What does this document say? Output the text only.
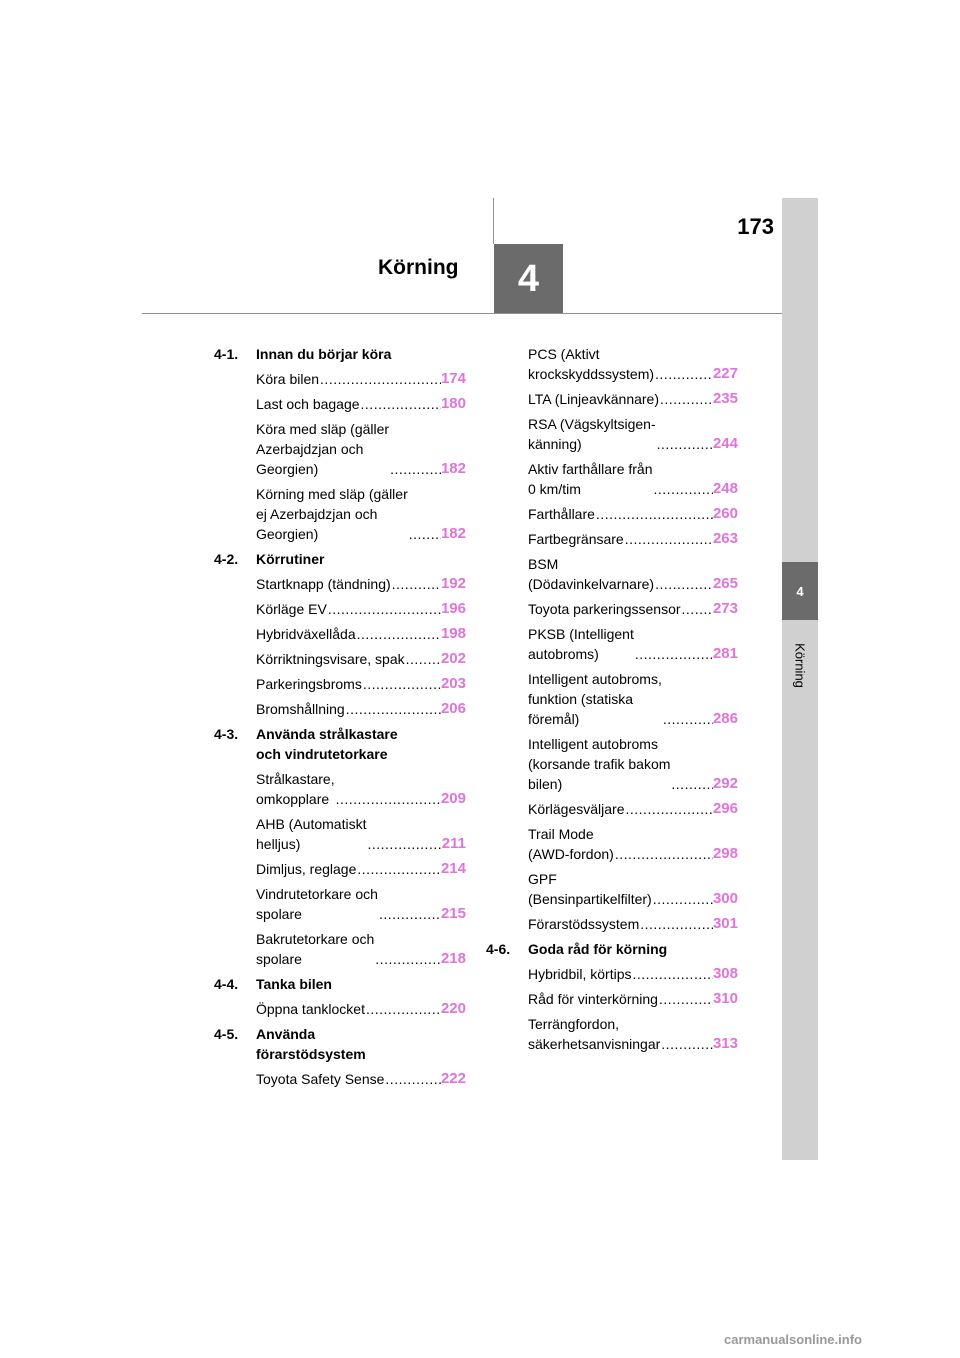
173
Körning 4
4
Körning
4-1.	Innan du börjar köra
Köra bilen .....	174
Last och bagage .....	180
Köra med släp (gäller
Azerbajdzjan och
Georgien) .....	182
Körning med släp (gäller
ej Azerbajdzjan och
Georgien) .....	182
4-2.	Körrutiner
Startknapp (tändning) .....	192
Körläge EV .....	196
Hybridväxellåda .....	198
Körriktningsvisare, spak ..... 202
Parkeringsbroms .....	203
Bromshållning .....	206
4-3.	Använda strålkastare
och vindrutetorkare
Strålkastare,
omkopplare .....	209
AHB (Automatiskt
helljus) .....	211
Dimljus, reglage .....	214
Vindrutetorkare och
spolare .....	215
Bakrutetorkare och
spolare .....	218
4-4.	Tanka bilen
Öppna tanklocket .....	220
4-5.	Använda
förarstödsystem
Toyota Safety Sense .....	222
PCS (Aktivt
krockskyddssystem) .....	227
LTA (Linjeavkännare) .....	235
RSA (Vägskyltsigen-
känning) .....	244
Aktiv farthållare från
0 km/tim .....	248
Farthållare .....	260
Fartbegränsare .....	263
BSM
(Dödavinkelvarnare) .....	265
Toyota parkeringssensor ..... 273
PKSB (Intelligent
autobroms) .....	281
Intelligent autobroms,
funktion (statiska
föremål) .....	286
Intelligent autobroms
(korsande trafik bakom
bilen) .....	292
Körlägesväljare .....	296
Trail Mode
(AWD-fordon) .....	298
GPF
(Bensinpartikelfilter) .....	300
Förarstödssystem .....	301
4-6.	Goda råd för körning
Hybridbil, körtips .....	308
Råd för vinterkörning .....	310
Terrängfordon,
säkerhetsanvisningar .....	313
carmanualsonline.info
